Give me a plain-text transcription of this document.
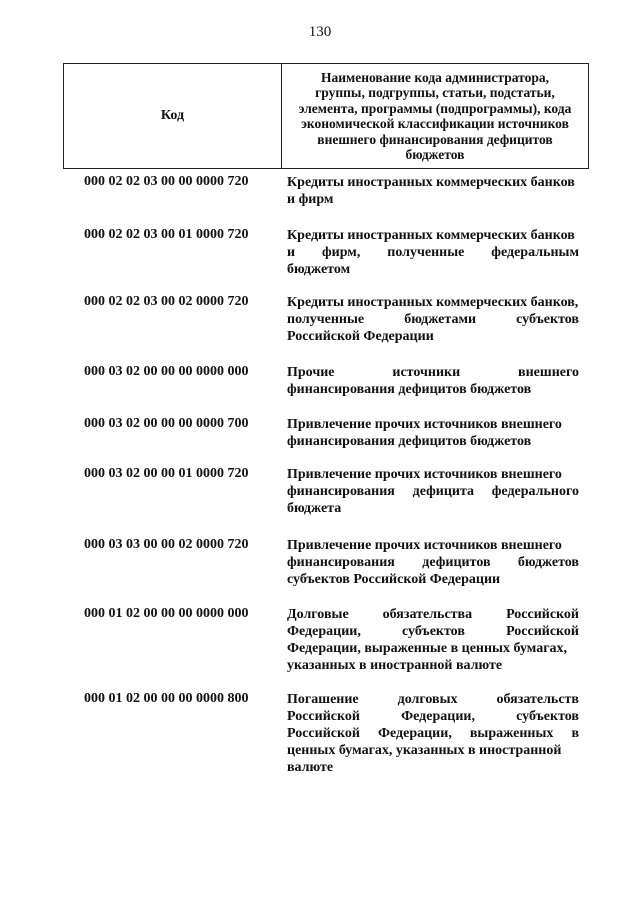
130
Код
Наименование кода администратора,
группы, подгруппы, статьи, подстатьи,
элемента, программы (подпрограммы), кода
экономической классификации источников
внешнего финансирования дефицитов
бюджетов
000 02 02 03 00 00 0000 720	Кредиты иностранных коммерческих банков
и фирм
000 02 02 03 00 01 0000 720	Кредиты иностранных коммерческих банков
и фирм, полученные федеральным
бюджетом
000 02 02 03 00 02 0000 720	Кредиты иностранных коммерческих банков,
полученные бюджетами субъектов
Российской Федерации
000 03 02 00 00 00 0000 000	Прочие источники внешнего
финансирования дефицитов бюджетов
000 03 02 00 00 00 0000 700	Привлечение прочих источников внешнего
финансирования дефицитов бюджетов
000 03 02 00 00 01 0000 720	Привлечение прочих источников внешнего
финансирования дефицита федерального
бюджета
000 03 03 00 00 02 0000 720	Привлечение прочих источников внешнего
финансирования дефицитов бюджетов
субъектов Российской Федерации
000 01 02 00 00 00 0000 000	Долговые обязательства Российской
Федерации, субъектов Российской
Федерации, выраженные в ценных бумагах,
указанных в иностранной валюте
000 01 02 00 00 00 0000 800	Погашение долговых обязательств
Российской Федерации, субъектов
Российской Федерации, выраженных в
ценных бумагах, указанных в иностранной
валюте
